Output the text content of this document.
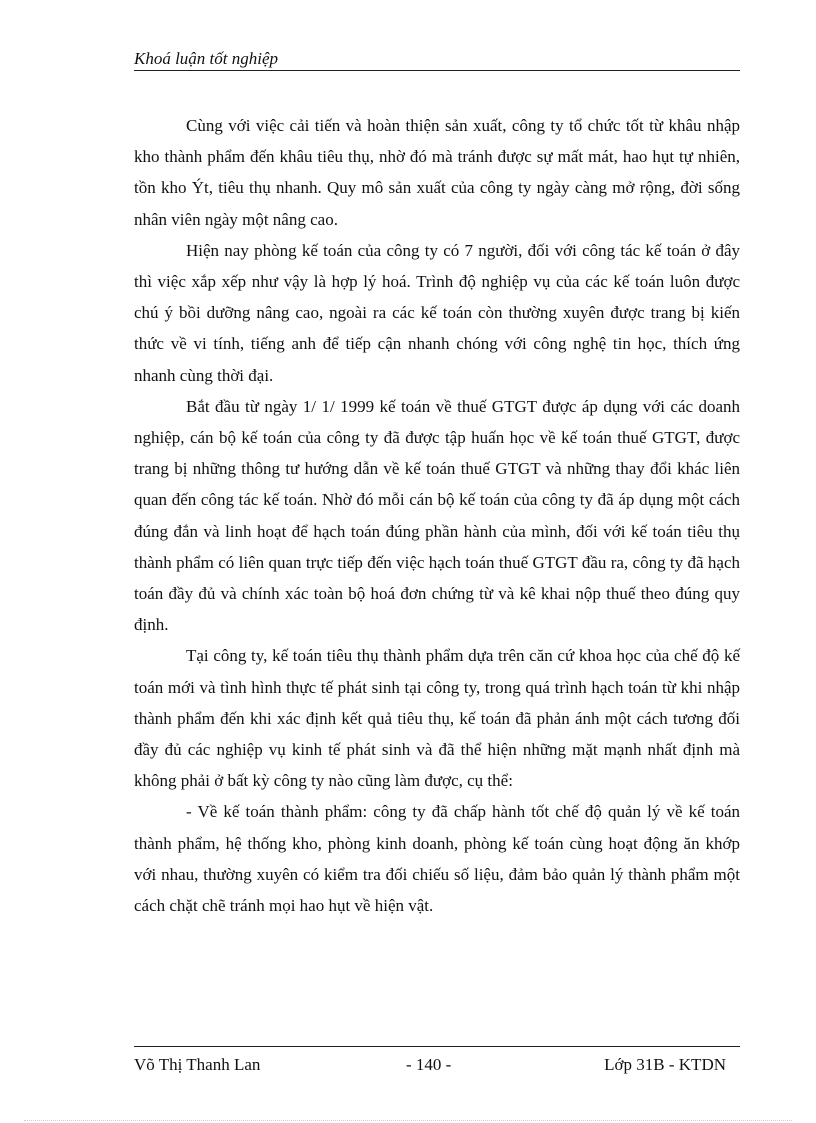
Khoá luận tốt nghiệp

Cùng với việc cải tiến và hoàn thiện sản xuất, công ty tổ chức tốt từ khâu nhập kho thành phẩm đến khâu tiêu thụ, nhờ đó mà tránh được sự mất mát, hao hụt tự nhiên, tồn kho Ýt, tiêu thụ nhanh. Quy mô sản xuất của công ty ngày càng mở rộng, đời sống nhân viên ngày một nâng cao.

Hiện nay phòng kế toán của công ty có 7 người, đối với công tác kế toán ở đây thì việc xắp xếp như vậy là hợp lý hoá. Trình độ nghiệp vụ của các kế toán luôn được chú ý bồi dưỡng nâng cao, ngoài ra các kế toán còn thường xuyên được trang bị kiến thức về vi tính, tiếng anh để tiếp cận nhanh chóng với công nghệ tin học, thích ứng nhanh cùng thời đại.

Bắt đầu từ ngày 1/ 1/ 1999 kế toán về thuế GTGT được áp dụng với các doanh nghiệp, cán bộ kế toán của công ty đã được tập huấn học về kế toán thuế GTGT, được trang bị những thông tư hướng dẫn về kế toán thuế GTGT và những thay đổi khác liên quan đến công tác kế toán. Nhờ đó mỗi cán bộ kế toán của công ty đã áp dụng một cách đúng đắn và linh hoạt để hạch toán đúng phần hành của mình, đối với kế toán tiêu thụ thành phẩm có liên quan trực tiếp đến việc hạch toán thuế GTGT đầu ra, công ty đã hạch toán đầy đủ và chính xác toàn bộ hoá đơn chứng từ và kê khai nộp thuế theo đúng quy định.

Tại công ty, kế toán tiêu thụ thành phẩm dựa trên căn cứ khoa học của chế độ kế toán mới và tình hình thực tế phát sinh tại công ty, trong quá trình hạch toán từ khi nhập thành phẩm đến khi xác định kết quả tiêu thụ, kế toán đã phản ánh một cách tương đối đầy đủ các nghiệp vụ kinh tế phát sinh và đã thể hiện những mặt mạnh nhất định mà không phải ở bất kỳ công ty nào cũng làm được, cụ thể:

- Về kế toán thành phẩm: công ty đã chấp hành tốt chế độ quản lý về kế toán thành phẩm, hệ thống kho, phòng kinh doanh, phòng kế toán cùng hoạt động ăn khớp với nhau, thường xuyên có kiểm tra đối chiếu số liệu, đảm bảo quản lý thành phẩm một cách chặt chẽ tránh mọi hao hụt về hiện vật.

Võ Thị Thanh Lan	- 140 -	Lớp 31B - KTDN
